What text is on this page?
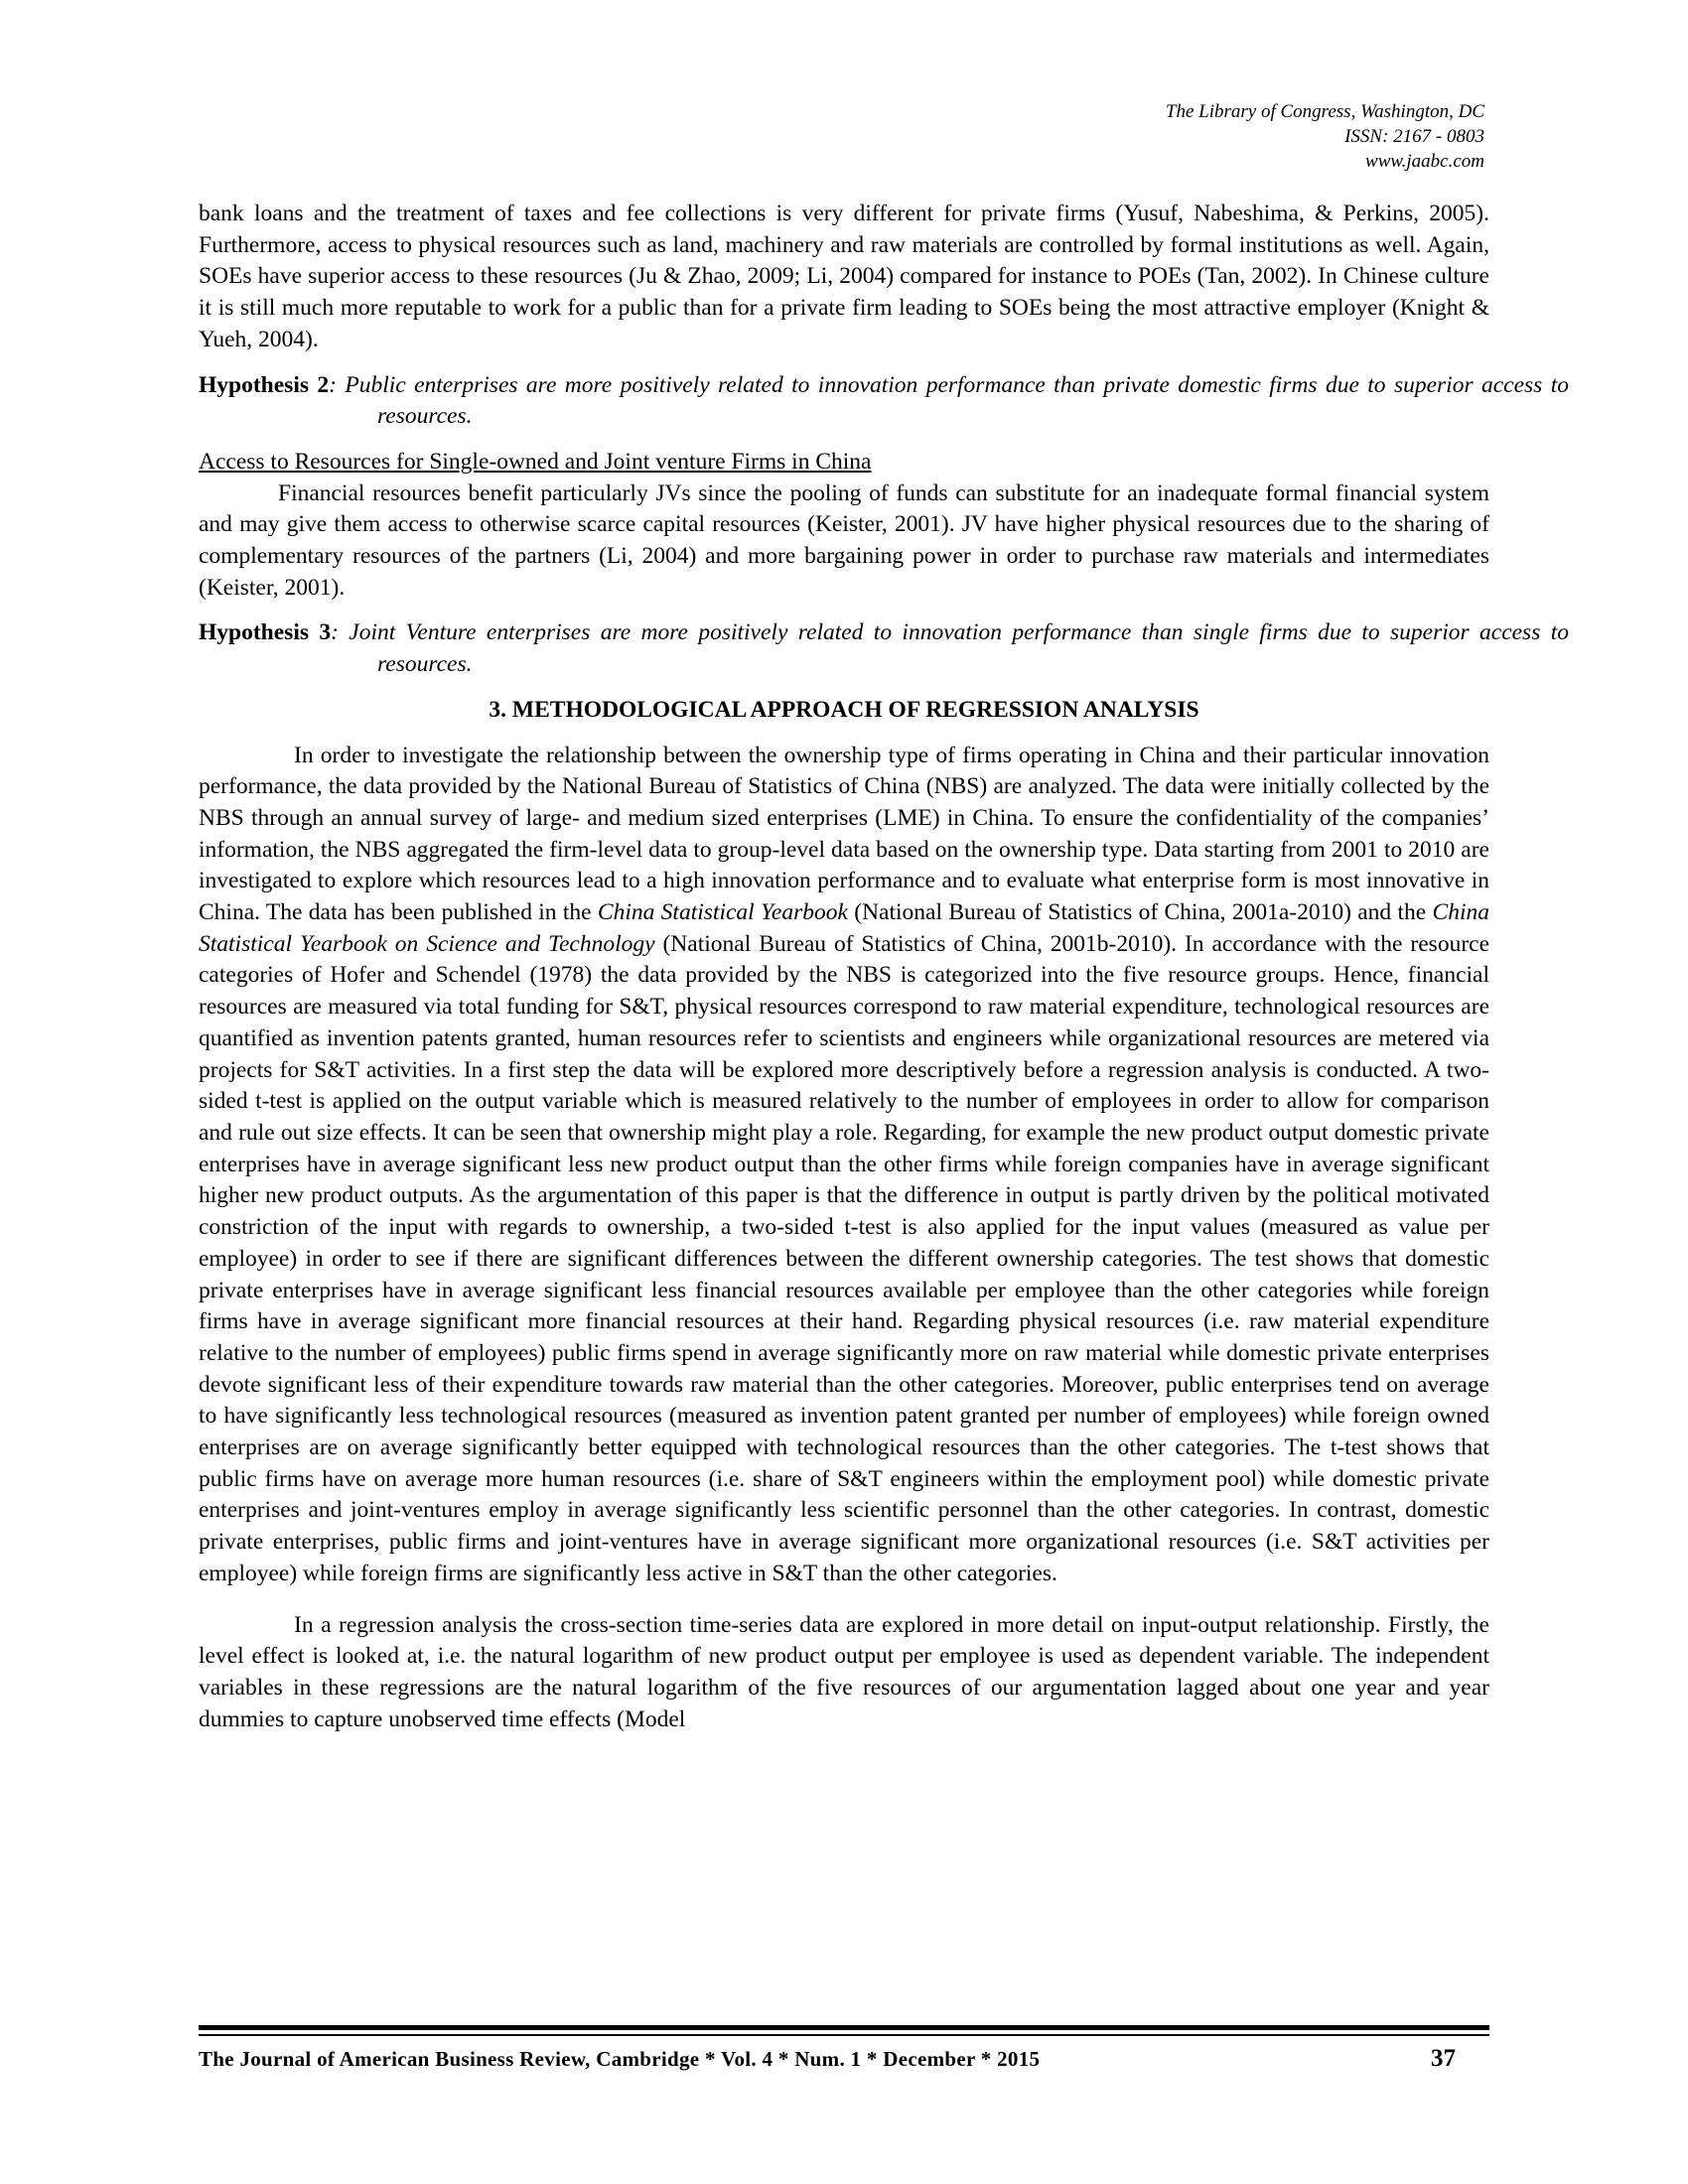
The Library of Congress, Washington, DC
ISSN: 2167 - 0803
www.jaabc.com

bank loans and the treatment of taxes and fee collections is very different for private firms (Yusuf, Nabeshima, & Perkins, 2005). Furthermore, access to physical resources such as land, machinery and raw materials are controlled by formal institutions as well. Again, SOEs have superior access to these resources (Ju & Zhao, 2009; Li, 2004) compared for instance to POEs (Tan, 2002). In Chinese culture it is still much more reputable to work for a public than for a private firm leading to SOEs being the most attractive employer (Knight & Yueh, 2004).

Hypothesis 2: Public enterprises are more positively related to innovation performance than private domestic firms due to superior access to resources.

Access to Resources for Single-owned and Joint venture Firms in China

Financial resources benefit particularly JVs since the pooling of funds can substitute for an inadequate formal financial system and may give them access to otherwise scarce capital resources (Keister, 2001). JV have higher physical resources due to the sharing of complementary resources of the partners (Li, 2004) and more bargaining power in order to purchase raw materials and intermediates (Keister, 2001).

Hypothesis 3: Joint Venture enterprises are more positively related to innovation performance than single firms due to superior access to resources.

3. METHODOLOGICAL APPROACH OF REGRESSION ANALYSIS

In order to investigate the relationship between the ownership type of firms operating in China and their particular innovation performance, the data provided by the National Bureau of Statistics of China (NBS) are analyzed. The data were initially collected by the NBS through an annual survey of large- and medium sized enterprises (LME) in China. To ensure the confidentiality of the companies’ information, the NBS aggregated the firm-level data to group-level data based on the ownership type. Data starting from 2001 to 2010 are investigated to explore which resources lead to a high innovation performance and to evaluate what enterprise form is most innovative in China. The data has been published in the China Statistical Yearbook (National Bureau of Statistics of China, 2001a-2010) and the China Statistical Yearbook on Science and Technology (National Bureau of Statistics of China, 2001b-2010). In accordance with the resource categories of Hofer and Schendel (1978) the data provided by the NBS is categorized into the five resource groups. Hence, financial resources are measured via total funding for S&T, physical resources correspond to raw material expenditure, technological resources are quantified as invention patents granted, human resources refer to scientists and engineers while organizational resources are metered via projects for S&T activities. In a first step the data will be explored more descriptively before a regression analysis is conducted. A two-sided t-test is applied on the output variable which is measured relatively to the number of employees in order to allow for comparison and rule out size effects. It can be seen that ownership might play a role. Regarding, for example the new product output domestic private enterprises have in average significant less new product output than the other firms while foreign companies have in average significant higher new product outputs. As the argumentation of this paper is that the difference in output is partly driven by the political motivated constriction of the input with regards to ownership, a two-sided t-test is also applied for the input values (measured as value per employee) in order to see if there are significant differences between the different ownership categories. The test shows that domestic private enterprises have in average significant less financial resources available per employee than the other categories while foreign firms have in average significant more financial resources at their hand. Regarding physical resources (i.e. raw material expenditure relative to the number of employees) public firms spend in average significantly more on raw material while domestic private enterprises devote significant less of their expenditure towards raw material than the other categories. Moreover, public enterprises tend on average to have significantly less technological resources (measured as invention patent granted per number of employees) while foreign owned enterprises are on average significantly better equipped with technological resources than the other categories. The t-test shows that public firms have on average more human resources (i.e. share of S&T engineers within the employment pool) while domestic private enterprises and joint-ventures employ in average significantly less scientific personnel than the other categories. In contrast, domestic private enterprises, public firms and joint-ventures have in average significant more organizational resources (i.e. S&T activities per employee) while foreign firms are significantly less active in S&T than the other categories.

In a regression analysis the cross-section time-series data are explored in more detail on input-output relationship. Firstly, the level effect is looked at, i.e. the natural logarithm of new product output per employee is used as dependent variable. The independent variables in these regressions are the natural logarithm of the five resources of our argumentation lagged about one year and year dummies to capture unobserved time effects (Model

The Journal of American Business Review, Cambridge * Vol. 4 * Num. 1 * December * 2015	37
